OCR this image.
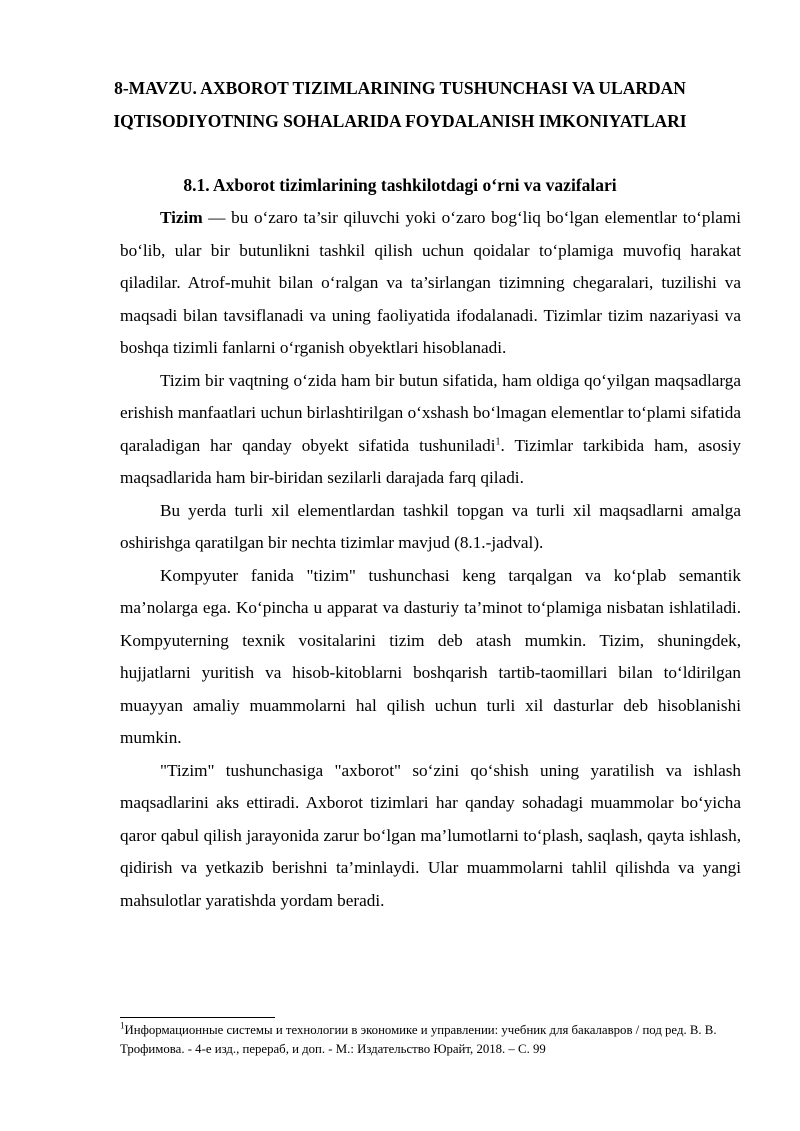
8-MAVZU. AXBOROT TIZIMLARINING TUSHUNCHASI VA ULARDAN
IQTISODIYOTNING SOHALARIDA FOYDALANISH IMKONIYATLARI
8.1. Axborot tizimlarining tashkilotdagi o‘rni va vazifalari

Tizim — bu o‘zaro ta’sir qiluvchi yoki o‘zaro bog‘liq bo‘lgan elementlar to‘plami bo‘lib, ular bir butunlikni tashkil qilish uchun qoidalar to‘plamiga muvofiq harakat qiladilar. Atrof-muhit bilan o‘ralgan va ta’sirlangan tizimning chegaralari, tuzilishi va maqsadi bilan tavsiflanadi va uning faoliyatida ifodalanadi. Tizimlar tizim nazariyasi va boshqa tizimli fanlarni o‘rganish obyektlari hisoblanadi.

Tizim bir vaqtning o‘zida ham bir butun sifatida, ham oldiga qo‘yilgan maqsadlarga erishish manfaatlari uchun birlashtirilgan o‘xshash bo‘lmagan elementlar to‘plami sifatida qaraladigan har qanday obyekt sifatida tushuniladi$^1$. Tizimlar tarkibida ham, asosiy maqsadlarida ham bir-biridan sezilarli darajada farq qiladi.

Bu yerda turli xil elementlardan tashkil topgan va turli xil maqsadlarni amalga oshirishga qaratilgan bir nechta tizimlar mavjud (8.1.-jadval).

Kompyuter fanida "tizim" tushunchasi keng tarqalgan va ko‘plab semantik ma’nolarga ega. Ko‘pincha u apparat va dasturiy ta’minot to‘plamiga nisbatan ishlatiladi. Kompyuterning texnik vositalarini tizim deb atash mumkin. Tizim, shuningdek, hujjatlarni yuritish va hisob-kitoblarni boshqarish tartib-taomillari bilan to‘ldirilgan muayyan amaliy muammolarni hal qilish uchun turli xil dasturlar deb hisoblanishi mumkin.

"Tizim" tushunchasiga "axborot" so‘zini qo‘shish uning yaratilish va ishlash maqsadlarini aks ettiradi. Axborot tizimlari har qanday sohadagi muammolar bo‘yicha qaror qabul qilish jarayonida zarur bo‘lgan ma’lumotlarni to‘plash, saqlash, qayta ishlash, qidirish va yetkazib berishni ta’minlaydi. Ular muammolarni tahlil qilishda va yangi mahsulotlar yaratishda yordam beradi.

$^1$Информационные системы и технологии в экономике и управлении: учебник для бакалавров / под ред. В. В. Трофимова. - 4-е изд., перераб, и доп. - М.: Издательство Юрайт, 2018. – С. 99
